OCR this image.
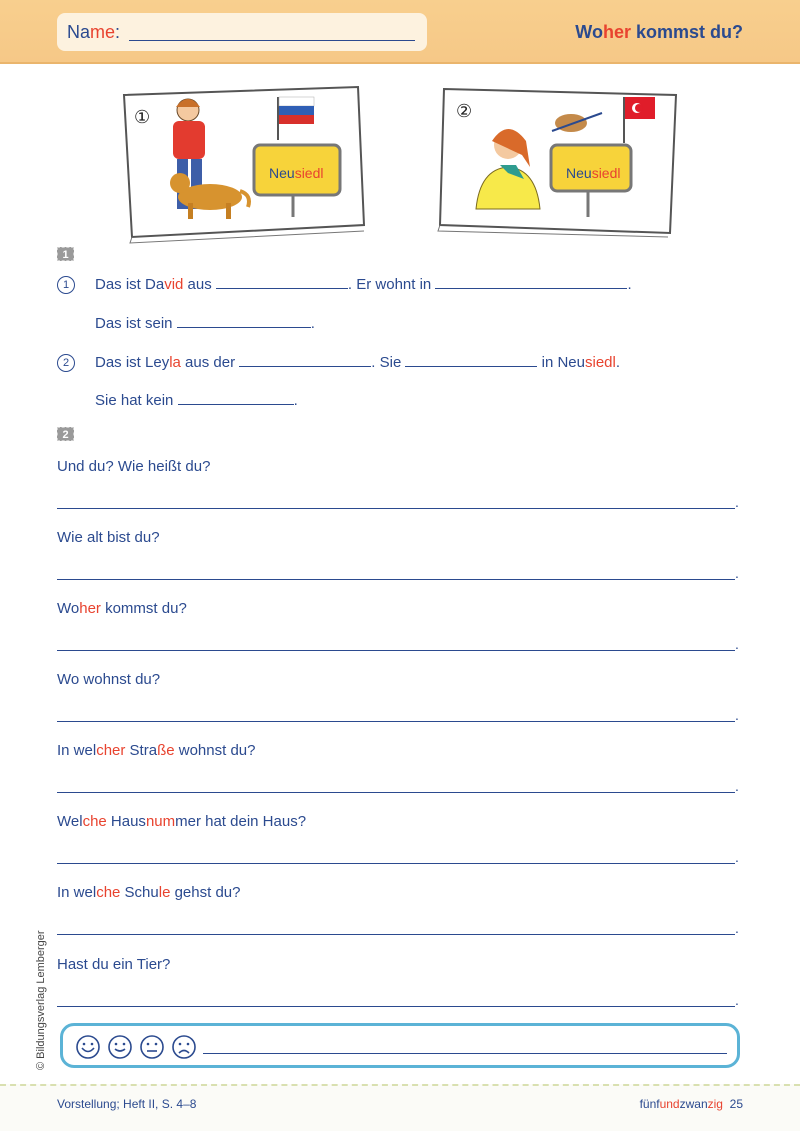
Name:	Woher kommst du?
Neusiedl
①
Neusiedl
②
1
1	Das ist David aus	. Er wohnt in	.
Das ist sein	.
2	Das ist Leyla aus der	. Sie	in Neusiedl.
Sie hat kein	.
2
Und du? Wie heißt du?
.
Wie alt bist du?
.
Woher kommst du?
.
Wo wohnst du?
.
In welcher Straße wohnst du?
.
Welche Hausnummer hat dein Haus?
.
In welche Schule gehst du?
.
Hast du ein Tier?
.
© Bildungsverlag Lemberger
Vorstellung; Heft II, S. 4–8	fünfundzwanzig 25
